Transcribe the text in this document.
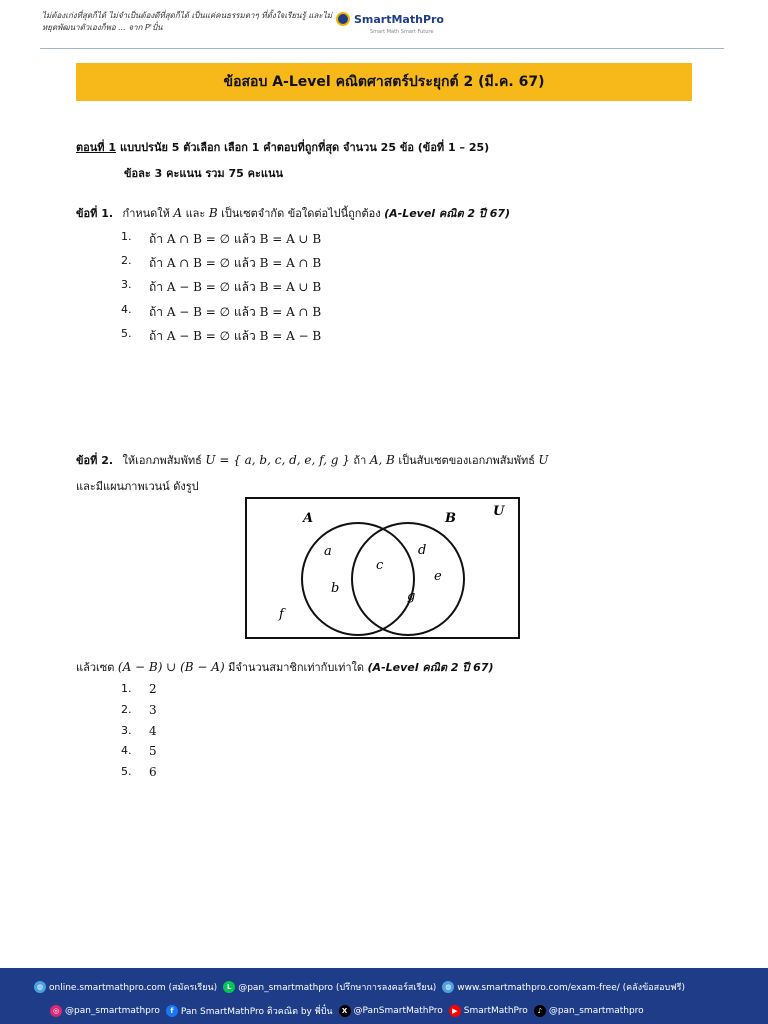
ไม่ต้องเก่งที่สุดก็ได้ ไม่จำเป็นต้องดีที่สุดก็ได้ เป็นแค่คนธรรมดาๆ ที่ตั้งใจเรียนรู้ และไม่หยุดพัฒนาตัวเองก็พอ ... จาก P'ปั๋น
SmartMathPro
Smart Math Smart Future
ข้อสอบ A-Level คณิตศาสตร์ประยุกต์ 2 (มี.ค. 67)
ตอนที่ 1 แบบปรนัย 5 ตัวเลือก เลือก 1 คำตอบที่ถูกที่สุด จำนวน 25 ข้อ (ข้อที่ 1 – 25)
ข้อละ 3 คะแนน รวม 75 คะแนน
ข้อที่ 1. กำหนดให้ A และ B เป็นเซตจำกัด ข้อใดต่อไปนี้ถูกต้อง (A-Level คณิต 2 ปี 67)
1. ถ้า A ∩ B = ∅ แล้ว B = A ∪ B
2. ถ้า A ∩ B = ∅ แล้ว B = A ∩ B
3. ถ้า A − B = ∅ แล้ว B = A ∪ B
4. ถ้า A − B = ∅ แล้ว B = A ∩ B
5. ถ้า A − B = ∅ แล้ว B = A − B
ข้อที่ 2. ให้เอกภพสัมพัทธ์ U = { a, b, c, d, e, f, g } ถ้า A, B เป็นสับเซตของเอกภพสัมพัทธ์ U
และมีแผนภาพเวนน์ ดังรูป
A	B	U
a
b
c
d
e
f
g
แล้วเซต (A − B) ∪ (B − A) มีจำนวนสมาชิกเท่ากับเท่าใด (A-Level คณิต 2 ปี 67)
1. 2
2. 3
3. 4
4. 5
5. 6
◍ online.smartmathpro.com (สมัครเรียน)	L @pan_smartmathpro (ปรึกษาการลงคอร์สเรียน)	◍ www.smartmathpro.com/exam-free/ (คลังข้อสอบฟรี)
◎ @pan_smartmathpro	f Pan SmartMathPro ติวคณิต by พี่ปั๋น	X @PanSmartMathPro	▶ SmartMathPro	♪ @pan_smartmathpro
